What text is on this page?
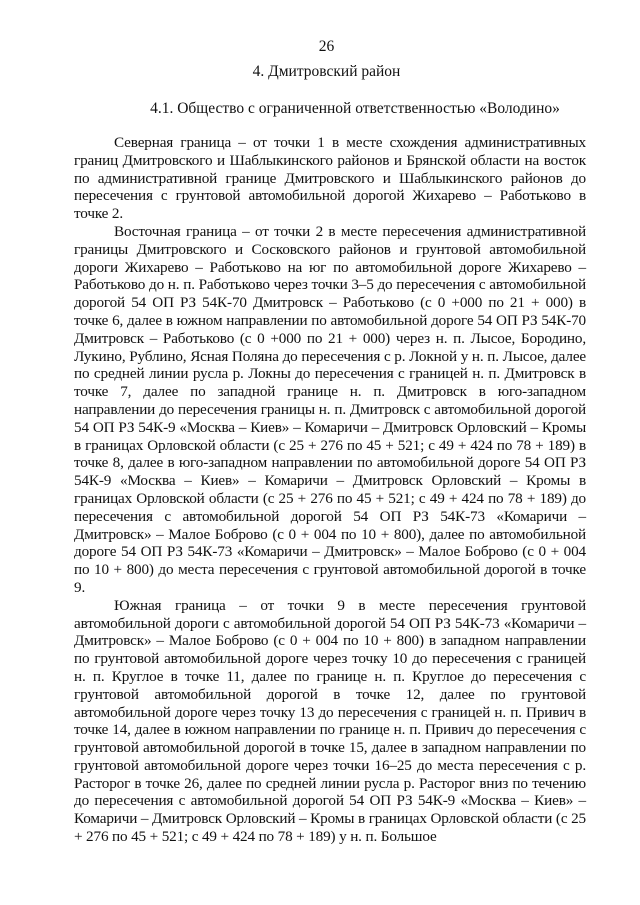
26
4. Дмитровский район
4.1. Общество с ограниченной ответственностью «Володино»

Северная граница – от точки 1 в месте схождения административных границ Дмитровского и Шаблыкинского районов и Брянской области на восток по административной границе Дмитровского и Шаблыкинского районов до пересечения с грунтовой автомобильной дорогой Жихарево – Работьково в точке 2.

Восточная граница – от точки 2 в месте пересечения административной границы Дмитровского и Сосковского районов и грунтовой автомобильной дороги Жихарево – Работьково на юг по автомобильной дороге Жихарево – Работьково до н. п. Работьково через точки 3–5 до пересечения с автомобильной дорогой 54 ОП РЗ 54К-70 Дмитровск – Работьково (с 0 +000 по 21 + 000) в точке 6, далее в южном направлении по автомобильной дороге 54 ОП РЗ 54К-70 Дмитровск – Работьково (с 0 +000 по 21 + 000) через н. п. Лысое, Бородино, Лукино, Рублино, Ясная Поляна до пересечения с р. Локной у н. п. Лысое, далее по средней линии русла р. Локны до пересечения с границей н. п. Дмитровск в точке 7, далее по западной границе н. п. Дмитровск в юго-западном направлении до пересечения границы н. п. Дмитровск с автомобильной дорогой 54 ОП РЗ 54К-9 «Москва – Киев» – Комаричи – Дмитровск Орловский – Кромы в границах Орловской области (с 25 + 276 по 45 + 521; с 49 + 424 по 78 + 189) в точке 8, далее в юго-западном направлении по автомобильной дороге 54 ОП РЗ 54К-9 «Москва – Киев» – Комаричи – Дмитровск Орловский – Кромы в границах Орловской области (с 25 + 276 по 45 + 521; с 49 + 424 по 78 + 189) до пересечения с автомобильной дорогой 54 ОП РЗ 54К-73 «Комаричи – Дмитровск» – Малое Боброво (с 0 + 004 по 10 + 800), далее по автомобильной дороге 54 ОП РЗ 54К-73 «Комаричи – Дмитровск» – Малое Боброво (с 0 + 004 по 10 + 800) до места пересечения с грунтовой автомобильной дорогой в точке 9.

Южная граница – от точки 9 в месте пересечения грунтовой автомобильной дороги с автомобильной дорогой 54 ОП РЗ 54К-73 «Комаричи – Дмитровск» – Малое Боброво (с 0 + 004 по 10 + 800) в западном направлении по грунтовой автомобильной дороге через точку 10 до пересечения с границей н. п. Круглое в точке 11, далее по границе н. п. Круглое до пересечения с грунтовой автомобильной дорогой в точке 12, далее по грунтовой автомобильной дороге через точку 13 до пересечения с границей н. п. Привич в точке 14, далее в южном направлении по границе н. п. Привич до пересечения с грунтовой автомобильной дорогой в точке 15, далее в западном направлении по грунтовой автомобильной дороге через точки 16–25 до места пересечения с р. Расторог в точке 26, далее по средней линии русла р. Расторог вниз по течению до пересечения с автомобильной дорогой 54 ОП РЗ 54К-9 «Москва – Киев» – Комаричи – Дмитровск Орловский – Кромы в границах Орловской области (с 25 + 276 по 45 + 521; с 49 + 424 по 78 + 189) у н. п. Большое
